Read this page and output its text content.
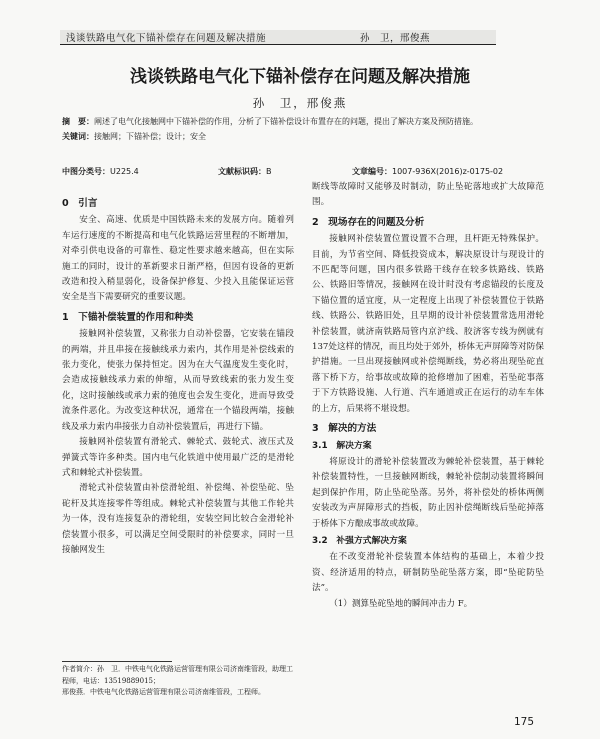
浅谈铁路电气化下锚补偿存在问题及解决措施	孙　卫，邢俊燕
浅谈铁路电气化下锚补偿存在问题及解决措施
孙　卫，邢俊燕
摘　要：阐述了电气化接触网中下锚补偿的作用，分析了下锚补偿设计布置存在的问题，提出了解决方案及预防措施。
关键词：接触网；下锚补偿；设计；安全
中图分类号：U225.4	文献标识码：B	文章编号：1007-936X(2016)z-0175-02
0　引言

安全、高速、优质是中国铁路未来的发展方向。随着列车运行速度的不断提高和电气化铁路运营里程的不断增加，对牵引供电设备的可靠性、稳定性要求越来越高，但在实际施工的同时，设计的革新要求日渐严格，但因有设备的更新改造和投入稍显弱化，设备保护修复、少投入且能保证运营安全是当下需要研究的重要议题。

1　下锚补偿装置的作用和种类

接触网补偿装置，又称张力自动补偿器，它安装在锚段的两端，并且串接在接触线承力索内，其作用是补偿线索的张力变化，使张力保持恒定。因为在大气温度发生变化时，会造成接触线承力索的伸缩，从而导致线索的张力发生变化，这时接触线或承力索的弛度也会发生变化，进而导致受流条件恶化。为改变这种状况，通常在一个锚段两端，接触线及承力索内串接张力自动补偿装置后，再进行下锚。

接触网补偿装置有滑轮式、棘轮式、鼓轮式、液压式及弹簧式等许多种类。国内电气化铁道中使用最广泛的是滑轮式和棘轮式补偿装置。

滑轮式补偿装置由补偿滑轮组、补偿绳、补偿坠砣、坠砣杆及其连接零件等组成。棘轮式补偿装置与其他工作轮共为一体，没有连接复杂的滑轮组，安装空间比较合金滑轮补偿装置小很多，可以满足空间受限时的补偿要求，同时一旦接触网发生

断线等故障时又能够及时制动，防止坠砣落地或扩大故障范围。

2　现场存在的问题及分析

接触网补偿装置位置设置不合理，且杆距无特殊保护。目前，为节省空间、降低投资成本，解决原设计与现设计的不匹配等问题，国内很多铁路干线存在较多铁路线、铁路公、铁路旧等情况，接触网在设计时没有考虑锚段的长度及下锚位置的适宜度，从一定程度上出现了补偿装置位于铁路线、铁路公、铁路旧处，且早期的设计补偿装置常选用滑轮补偿装置，就济南铁路局管内京沪线、胶济客专线为例就有137处这样的情况，而且均处于郊外，桥体无声屏障等对防保护措施。一旦出现接触网或补偿绳断线，势必将出现坠砣直落下桥下方，给事故或故障的抢修增加了困难，若坠砣事落于下方铁路设施、人行道、汽车通道或正在运行的动车车体的上方，后果将不堪设想。

3　解决的方法
3.1　解决方案

将原设计的滑轮补偿装置改为棘轮补偿装置，基于棘轮补偿装置特性，一旦接触网断线，棘轮补偿制动装置将瞬间起到保护作用，防止坠砣坠落。另外，将补偿处的桥体两侧安装改为声屏障形式的挡板，防止因补偿绳断线后坠砣掉落于桥体下方酿成事故或故障。

3.2　补强方式解决方案

在不改变滑轮补偿装置本体结构的基础上，本着少投资、经济适用的特点，研制防坠砣坠落方案，即“坠砣防坠法”。

（1）测算坠砣坠地的瞬间冲击力 F。

作者简介：孙　卫．中铁电气化铁路运营管理有限公司济南维管段，助理工程师，电话：13519889015；
邢俊燕．中铁电气化铁路运营管理有限公司济南维管段，工程师。
175
